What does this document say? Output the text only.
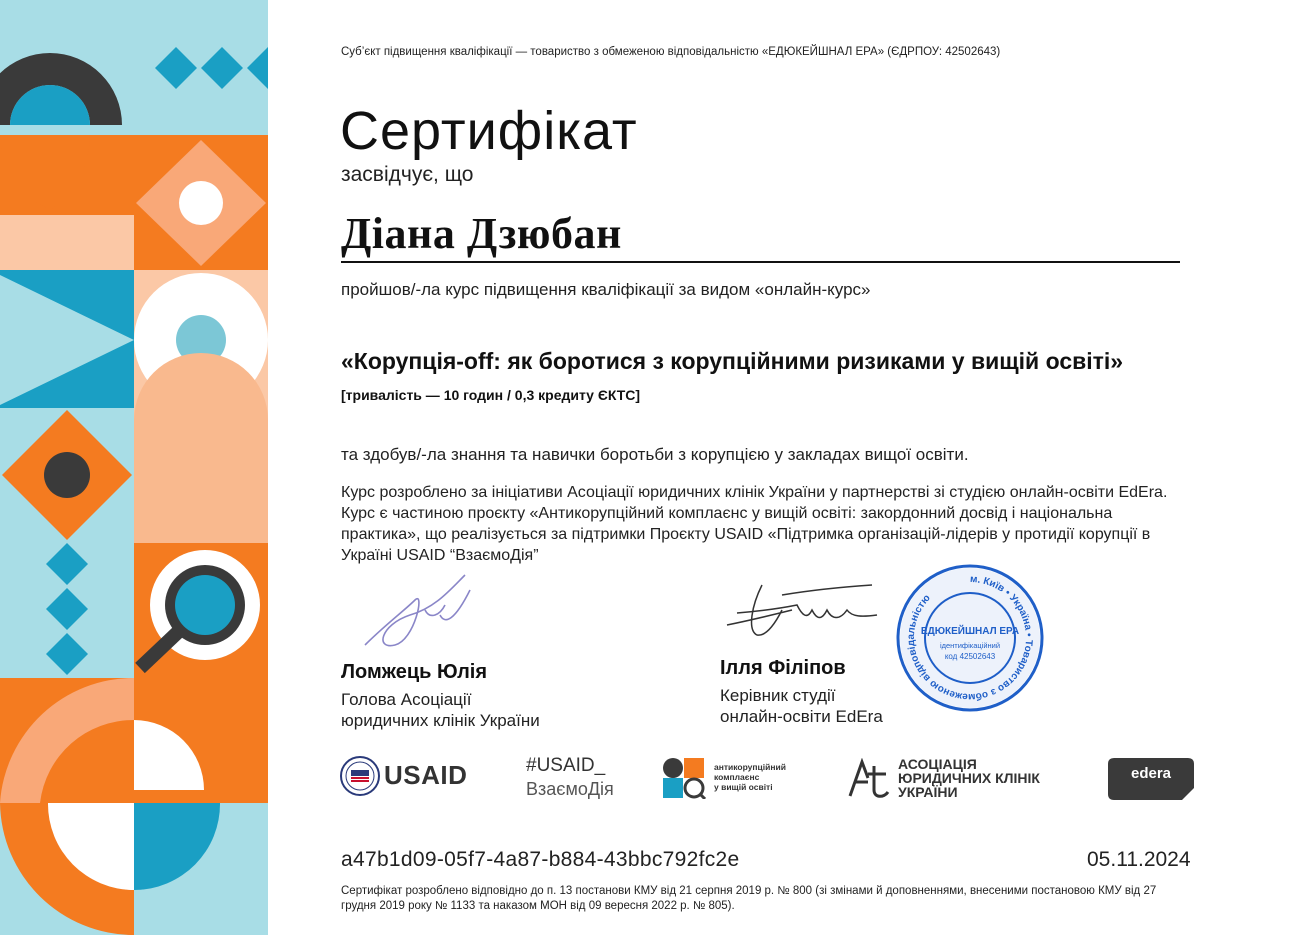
Суб’єкт підвищення кваліфікації — товариство з обмеженою відповідальністю «ЕДЮКЕЙШНАЛ ЕРА» (ЄДРПОУ: 42502643)
Сертифікат
засвідчує, що
Діана Дзюбан
пройшов/-ла курс підвищення кваліфікації за видом «онлайн-курс»
«Корупція-off: як боротися з корупційними ризиками у вищій освіті»
[тривалість — 10 годин / 0,3 кредиту ЄКТС]
та здобув/-ла знання та навички боротьби з корупцією у закладах вищої освіти.
Курс розроблено за ініціативи Асоціації юридичних клінік України у партнерстві зі студією онлайн-освіти EdEra. Курс є частиною проєкту «Антикорупційний комплаєнс у вищій освіті: закордонний досвід і національна практика», що реалізується за підтримки Проєкту USAID «Підтримка організацій-лідерів у протидії корупції в Україні USAID “ВзаємоДія”
м. Київ • Україна • Товариство з обмеженою відповідальністю
ЕДЮКЕЙШНАЛ ЕРА
ідентифікаційний
код 42502643
Ломжець Юлія
Голова Асоціації
юридичних клінік України
Ілля Філіпов
Керівник студії
онлайн-освіти EdEra
USAID	#USAID_
ВзаємоДія
антикорупційний
комплаєнс
у вищій освіті
АСОЦІАЦІЯ
ЮРИДИЧНИХ КЛІНІК
УКРАЇНИ
edera
a47b1d09-05f7-4a87-b884-43bbc792fc2e	05.11.2024
Сертифікат розроблено відповідно до п. 13 постанови КМУ від 21 серпня 2019 р. № 800 (зі змінами й доповненнями, внесеними постановою КМУ від 27 грудня 2019 року № 1133 та наказом МОН від 09 вересня 2022 р. № 805).
